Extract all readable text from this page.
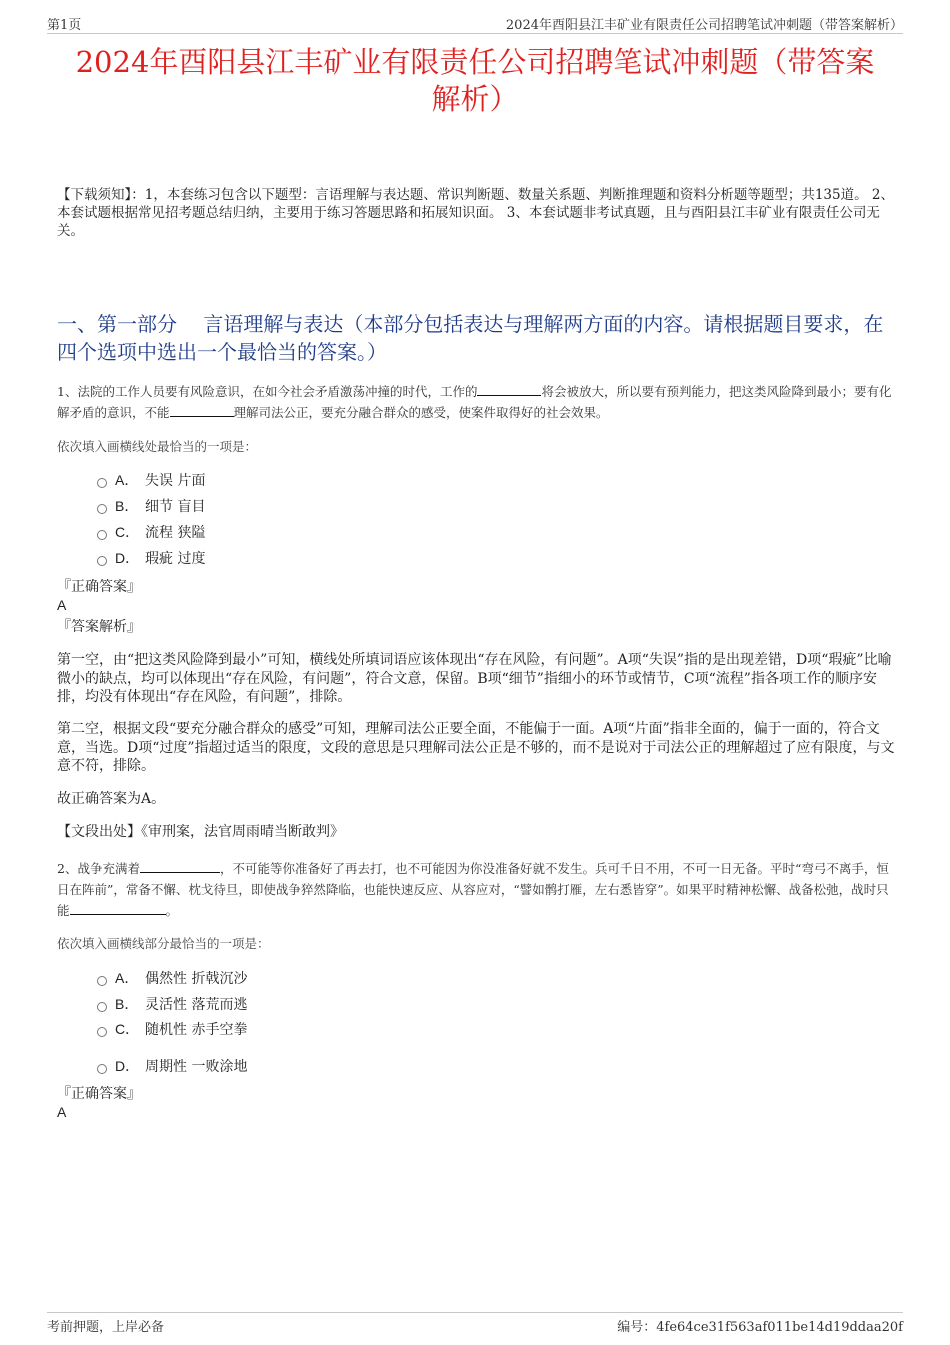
第1页	2024年酉阳县江丰矿业有限责任公司招聘笔试冲刺题（带答案解析）
2024年酉阳县江丰矿业有限责任公司招聘笔试冲刺题（带答案
解析）
【下载须知】：1，本套练习包含以下题型：言语理解与表达题、常识判断题、数量关系题、判断推理题和资料分析题等题型；共135道。 2、本套试题根据常见招考题总结归纳，主要用于练习答题思路和拓展知识面。 3、本套试题非考试真题，且与酉阳县江丰矿业有限责任公司无关。
一、第一部分　 言语理解与表达（本部分包括表达与理解两方面的内容。请根据题目要求，在四个选项中选出一个最恰当的答案。）
1、法院的工作人员要有风险意识，在如今社会矛盾激荡冲撞的时代，工作的	将会被放大，所以要有预判能力，把这类风险降到最小；要有化解矛盾的意识，不能	理解司法公正，要充分融合群众的感受，使案件取得好的社会效果。
依次填入画横线处最恰当的一项是：
A． 失误 片面
B． 细节 盲目
C． 流程 狭隘
D． 瑕疵 过度
『正确答案』
A
『答案解析』
第一空，由“把这类风险降到最小”可知，横线处所填词语应该体现出“存在风险，有问题”。A项“失误”指的是出现差错，D项“瑕疵”比喻微小的缺点，均可以体现出“存在风险，有问题”，符合文意，保留。B项“细节”指细小的环节或情节，C项“流程”指各项工作的顺序安排，均没有体现出“存在风险，有问题”，排除。
第二空，根据文段“要充分融合群众的感受”可知，理解司法公正要全面，不能偏于一面。A项“片面”指非全面的，偏于一面的，符合文意，当选。D项“过度”指超过适当的限度，文段的意思是只理解司法公正是不够的，而不是说对于司法公正的理解超过了应有限度，与文意不符，排除。
故正确答案为A。
【文段出处】《审刑案，法官周雨晴当断敢判》
2、战争充满着	，不可能等你准备好了再去打，也不可能因为你没准备好就不发生。兵可千日不用，不可一日无备。平时“弯弓不离手，恒日在阵前”，常备不懈、枕戈待旦，即使战争猝然降临，也能快速反应、从容应对，“譬如鹘打雁，左右悉皆穿”。如果平时精神松懈、战备松弛，战时只能	。
依次填入画横线部分最恰当的一项是：
A． 偶然性 折戟沉沙
B． 灵活性 落荒而逃
C． 随机性 赤手空拳
D． 周期性 一败涂地
『正确答案』
A
考前押题，上岸必备	编号：4fe64ce31f563af011be14d19ddaa20f
